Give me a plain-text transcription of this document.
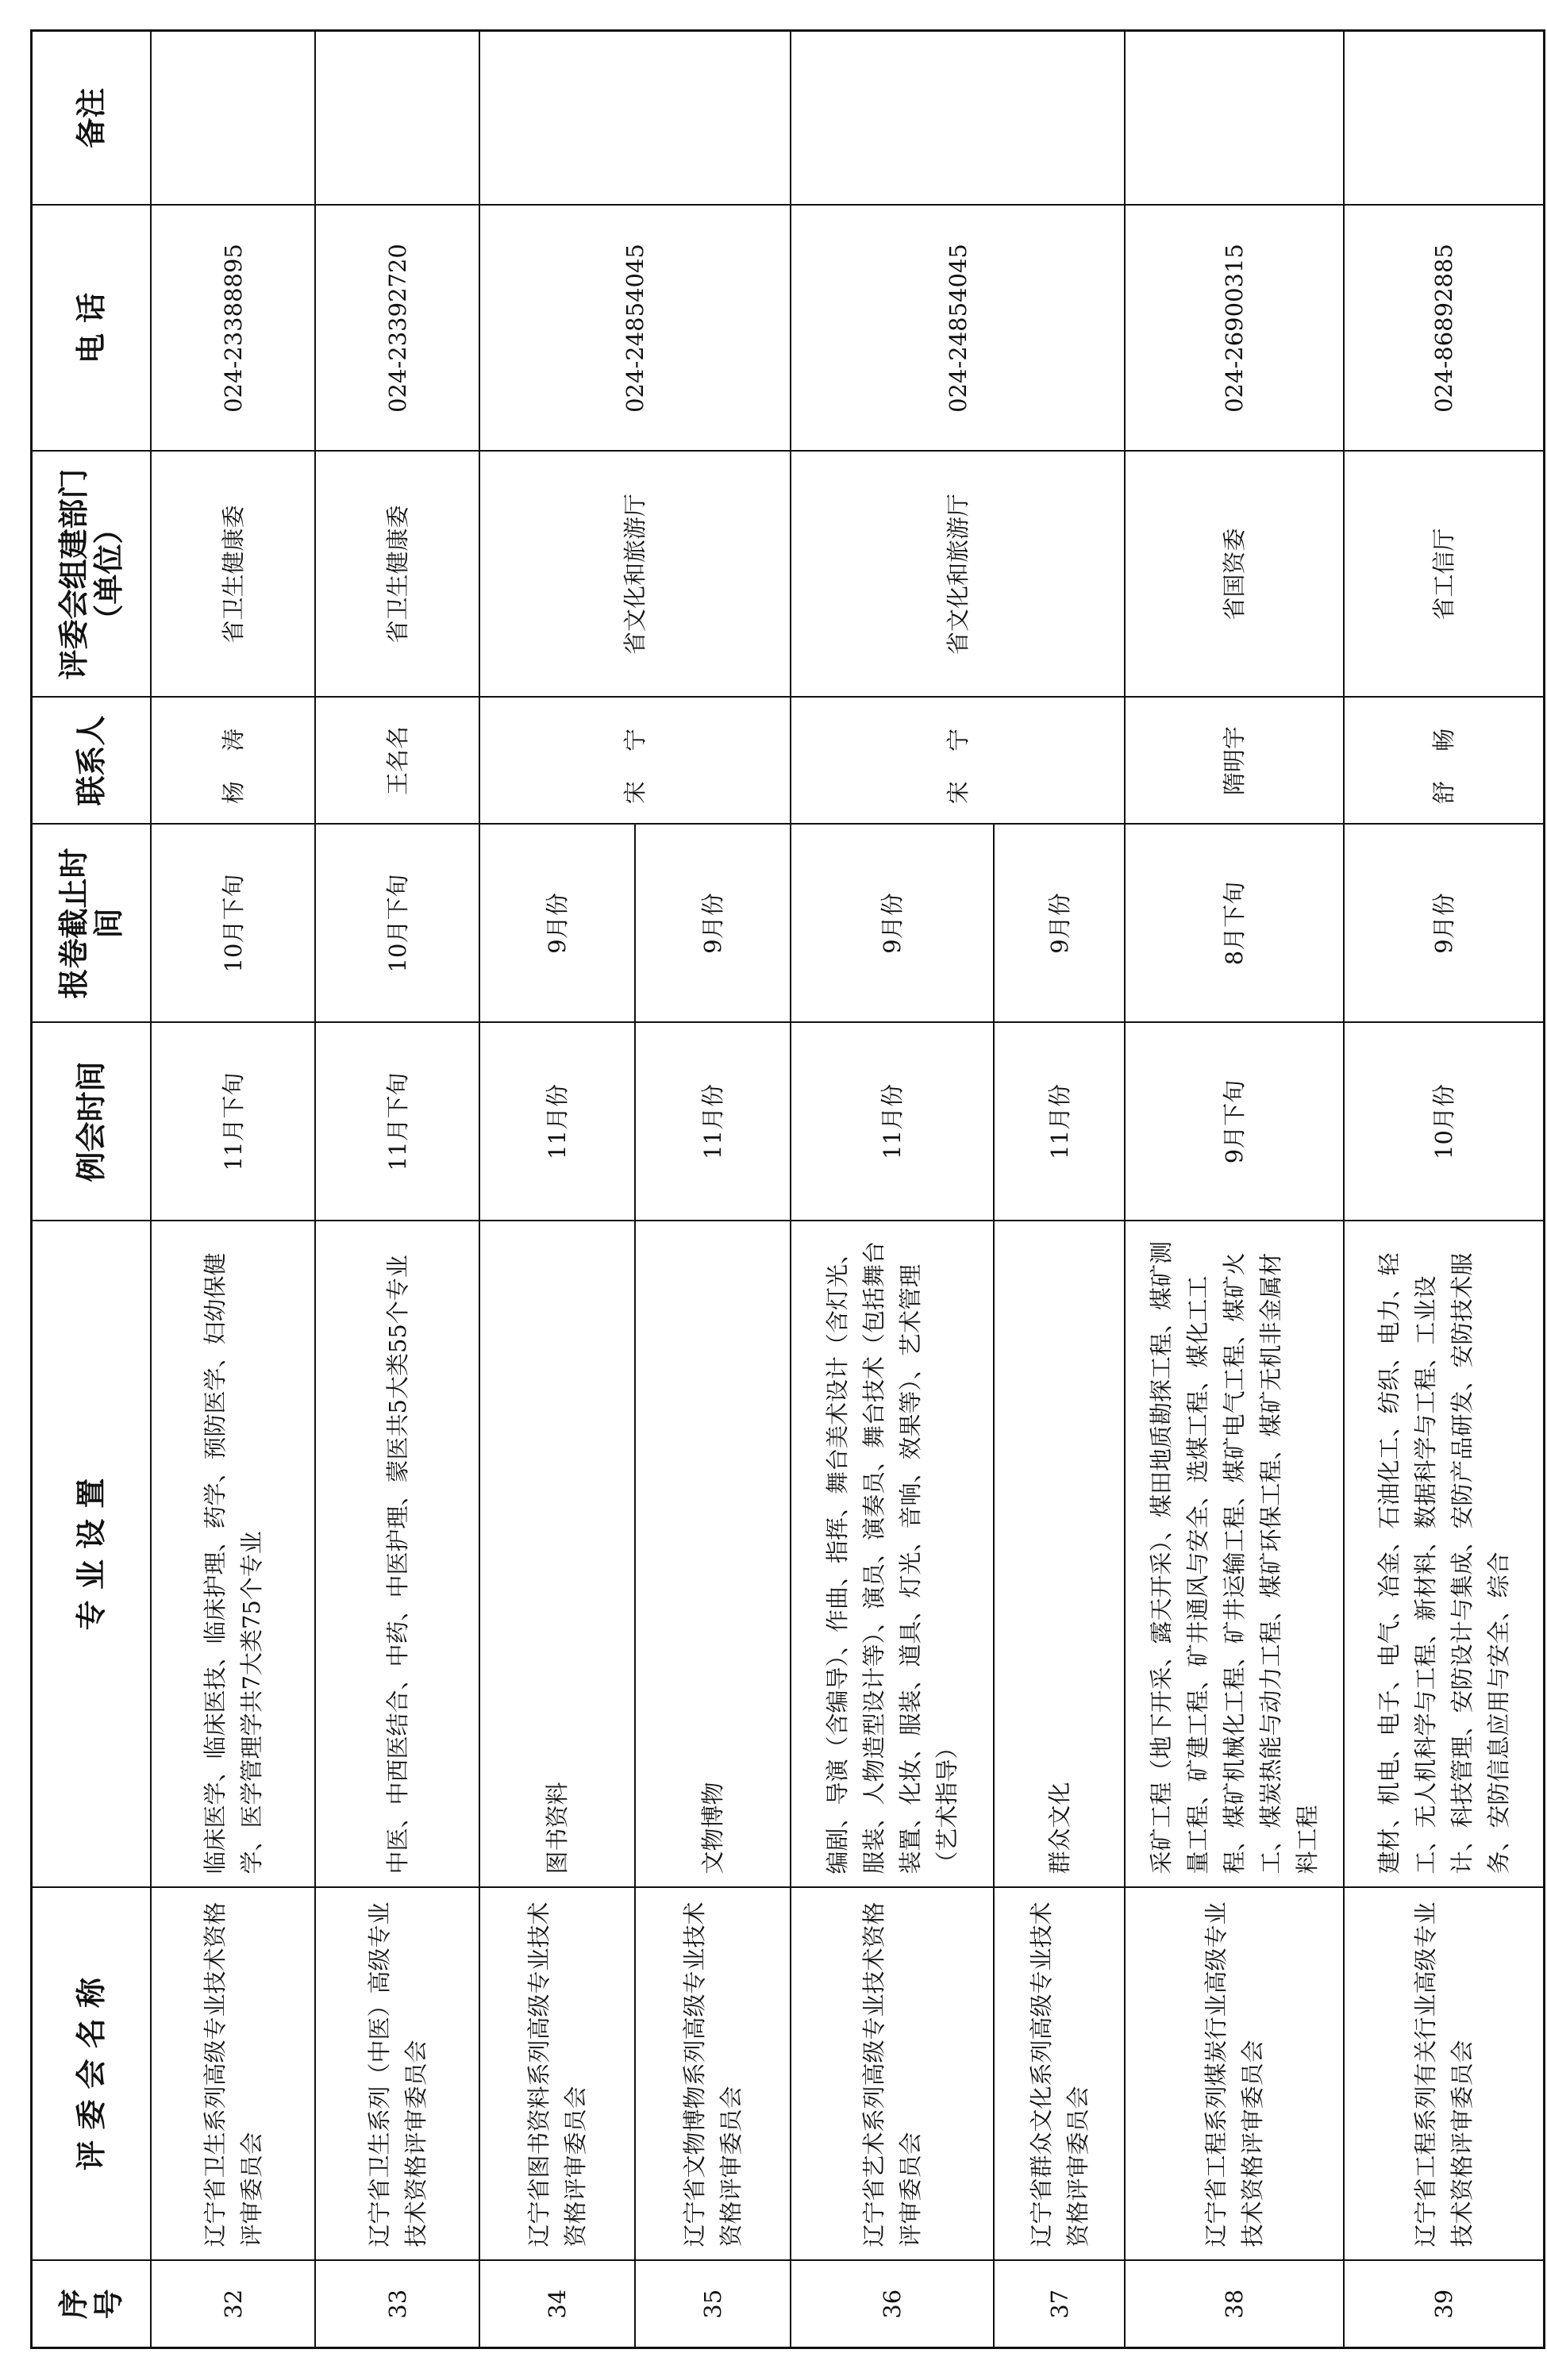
序号	评 委 会 名 称	专 业 设 置	例会时间	报卷截止时间	联系人	评委会组建部门（单位）	电 话	备注
32	辽宁省卫生系列高级专业技术资格评审委员会	临床医学、临床医技、临床护理、药学、预防医学、妇幼保健学、医学管理学共7大类75个专业	11月下旬	10月下旬	杨 涛	省卫生健康委	024-23388895	
33	辽宁省卫生系列（中医）高级专业技术资格评审委员会	中医、中西医结合、中药、中医护理、蒙医共5大类55个专业	11月下旬	10月下旬	王名名	省卫生健康委	024-23392720	
34	辽宁省图书资料系列高级专业技术资格评审委员会	图书资料	11月份	9月份	宋 宁	省文化和旅游厅	024-24854045	
35	辽宁省文物博物系列高级专业技术资格评审委员会	文物博物	11月份	9月份				
36	辽宁省艺术系列高级专业技术资格评审委员会	编剧、导演（含编导）、作曲、指挥、舞台美术设计（含灯光、服装、人物造型设计等）、演员、演奏员、舞台技术（包括舞台装置、化妆、服装、道具、灯光、音响、效果等）、艺术管理（艺术指导）	11月份	9月份	宋 宁	省文化和旅游厅	024-24854045	
37	辽宁省群众文化系列高级专业技术资格评审委员会	群众文化	11月份	9月份				
38	辽宁省工程系列煤炭行业高级专业技术资格评审委员会	采矿工程（地下开采、露天开采）、煤田地质勘探工程、煤矿测量工程、矿建工程、矿井通风与安全、选煤工程、煤化工工程、煤矿机械化工程、矿井运输工程、煤矿电气工程、煤矿火工、煤炭热能与动力工程、煤矿环保工程、煤矿无机非金属材料工程	9月下旬	8月下旬	隋明宇	省国资委	024-26900315	
39	辽宁省工程系列有关行业高级专业技术资格评审委员会	建材、机电、电子、电气、冶金、石油化工、纺织、电力、轻工、无人机科学与工程、新材料、数据科学与工程、工业设计、科技管理、安防设计与集成、安防产品研发、安防技术服务、安防信息应用与安全、综合	10月份	9月份	舒 畅	省工信厅	024-86892885	
